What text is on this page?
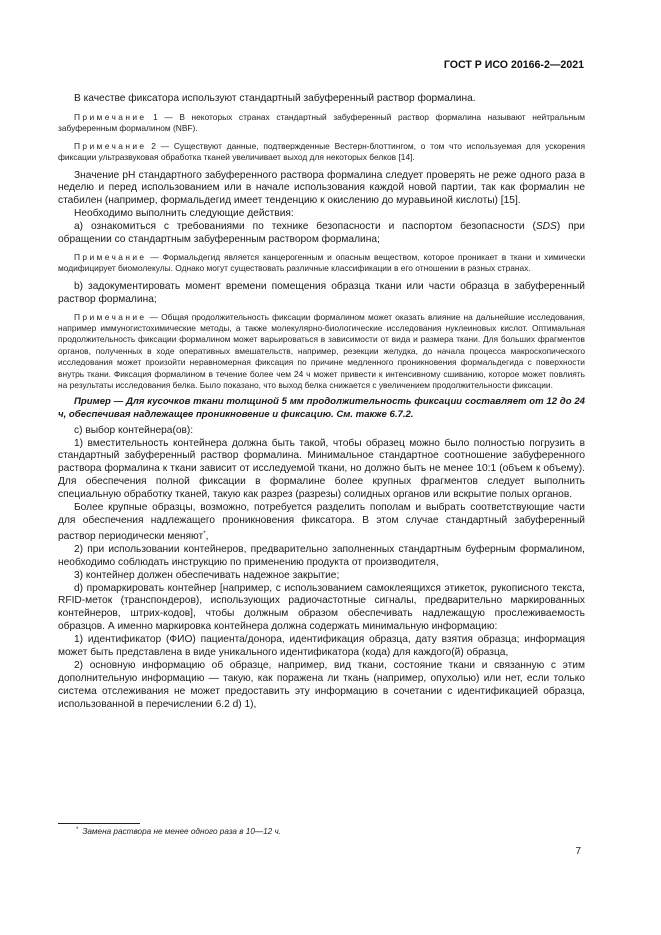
ГОСТ Р ИСО 20166-2—2021

В качестве фиксатора используют стандартный забуференный раствор формалина.

Примечание 1 — В некоторых странах стандартный забуференный раствор формалина называют нейтральным забуференным формалином (NBF).

Примечание 2 — Существуют данные, подтвержденные Вестерн-блоттингом, о том что используемая для ускорения фиксации ультразвуковая обработка тканей увеличивает выход для некоторых белков [14].

Значение pH стандартного забуференного раствора формалина следует проверять не реже одного раза в неделю и перед использованием или в начале использования каждой новой партии, так как формалин не стабилен (например, формальдегид имеет тенденцию к окислению до муравьиной кислоты) [15].

Необходимо выполнить следующие действия:

a) ознакомиться с требованиями по технике безопасности и паспортом безопасности (SDS) при обращении со стандартным забуференным раствором формалина;

Примечание — Формальдегид является канцерогенным и опасным веществом, которое проникает в ткани и химически модифицирует биомолекулы. Однако могут существовать различные классификации в его отношении в разных странах.

b) задокументировать момент времени помещения образца ткани или части образца в забуференный раствор формалина;

Примечание — Общая продолжительность фиксации формалином может оказать влияние на дальнейшие исследования, например иммуногистохимические методы, а также молекулярно-биологические исследования нуклеиновых кислот. Оптимальная продолжительность фиксации формалином может варьироваться в зависимости от вида и размера ткани. Для больших фрагментов органов, полученных в ходе оперативных вмешательств, например, резекции желудка, до начала процесса макроскопического исследования может произойти неравномерная фиксация по причине медленного проникновения формальдегида с поверхности внутрь ткани. Фиксация формалином в течение более чем 24 ч может привести к интенсивному сшиванию, которое может повлиять на результаты исследования белка. Было показано, что выход белка снижается с увеличением продолжительности фиксации.

Пример — Для кусочков ткани толщиной 5 мм продолжительность фиксации составляет от 12 до 24 ч, обеспечивая надлежащее проникновение и фиксацию. См. также 6.7.2.

c) выбор контейнера(ов):

1) вместительность контейнера должна быть такой, чтобы образец можно было полностью погрузить в стандартный забуференный раствор формалина. Минимальное стандартное соотношение забуференного раствора формалина к ткани зависит от исследуемой ткани, но должно быть не менее 10:1 (объем к объему). Для обеспечения полной фиксации в формалине более крупных фрагментов следует выполнить специальную обработку тканей, такую как разрез (разрезы) солидных органов или вскрытие полых органов.

Более крупные образцы, возможно, потребуется разделить пополам и выбрать соответствующие части для обеспечения надлежащего проникновения фиксатора. В этом случае стандартный забуференный раствор периодически меняют*,

2) при использовании контейнеров, предварительно заполненных стандартным буферным формалином, необходимо соблюдать инструкцию по применению продукта от производителя,

3) контейнер должен обеспечивать надежное закрытие;

d) промаркировать контейнер [например, с использованием самоклеящихся этикеток, рукописного текста, RFID-меток (транспондеров), использующих радиочастотные сигналы, предварительно маркированных контейнеров, штрих-кодов], чтобы должным образом обеспечивать надлежащую прослеживаемость образцов. А именно маркировка контейнера должна содержать минимальную информацию:

1) идентификатор (ФИО) пациента/донора, идентификация образца, дату взятия образца; информация может быть представлена в виде уникального идентификатора (кода) для каждого(й) образца,

2) основную информацию об образце, например, вид ткани, состояние ткани и связанную с этим дополнительную информацию — такую, как поражена ли ткань (например, опухолью) или нет, если только система отслеживания не может предоставить эту информацию в сочетании с идентификацией образца, использованной в перечислении 6.2 d) 1),

* Замена раствора не менее одного раза в 10—12 ч.
7
